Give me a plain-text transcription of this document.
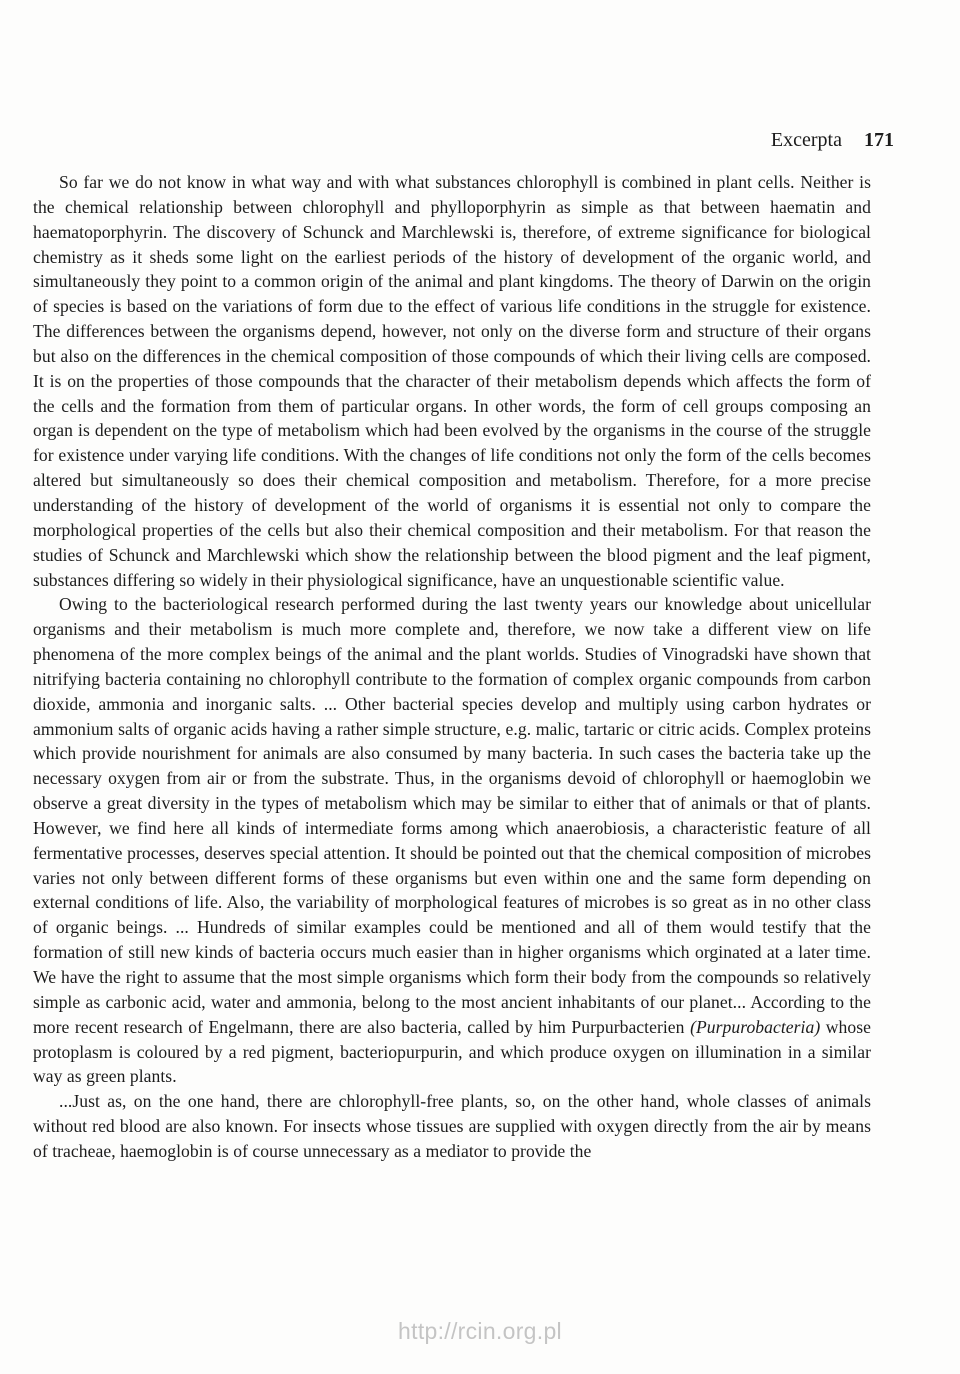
Excerpta 171

So far we do not know in what way and with what substances chlorophyll is combined in plant cells. Neither is the chemical relationship between chlorophyll and phylloporphyrin as simple as that between haematin and haematoporphyrin. The discovery of Schunck and Marchlewski is, therefore, of extreme significance for biological chemistry as it sheds some light on the earliest periods of the history of development of the organic world, and simultaneously they point to a common origin of the animal and plant kingdoms. The theory of Darwin on the origin of species is based on the variations of form due to the effect of various life conditions in the struggle for existence. The differences between the organisms depend, however, not only on the diverse form and structure of their organs but also on the differences in the chemical composition of those compounds of which their living cells are composed. It is on the properties of those compounds that the character of their metabolism depends which affects the form of the cells and the formation from them of particular organs. In other words, the form of cell groups composing an organ is dependent on the type of metabolism which had been evolved by the organisms in the course of the struggle for existence under varying life conditions. With the changes of life conditions not only the form of the cells becomes altered but simultaneously so does their chemical composition and metabolism. Therefore, for a more precise understanding of the history of development of the world of organisms it is essential not only to compare the morphological properties of the cells but also their chemical composition and their metabolism. For that reason the studies of Schunck and Marchlewski which show the relationship between the blood pigment and the leaf pigment, substances differing so widely in their physiological significance, have an unquestionable scientific value.

Owing to the bacteriological research performed during the last twenty years our knowledge about unicellular organisms and their metabolism is much more complete and, therefore, we now take a different view on life phenomena of the more complex beings of the animal and the plant worlds. Studies of Vinogradski have shown that nitrifying bacteria containing no chlorophyll contribute to the formation of complex organic compounds from carbon dioxide, ammonia and inorganic salts. ... Other bacterial species develop and multiply using carbon hydrates or ammonium salts of organic acids having a rather simple structure, e.g. malic, tartaric or citric acids. Complex proteins which provide nourishment for animals are also consumed by many bacteria. In such cases the bacteria take up the necessary oxygen from air or from the substrate. Thus, in the organisms devoid of chlorophyll or haemoglobin we observe a great diversity in the types of metabolism which may be similar to either that of animals or that of plants. However, we find here all kinds of intermediate forms among which anaerobiosis, a characteristic feature of all fermentative processes, deserves special attention. It should be pointed out that the chemical composition of microbes varies not only between different forms of these organisms but even within one and the same form depending on external conditions of life. Also, the variability of morphological features of microbes is so great as in no other class of organic beings. ... Hundreds of similar examples could be mentioned and all of them would testify that the formation of still new kinds of bacteria occurs much easier than in higher organisms which orginated at a later time. We have the right to assume that the most simple organisms which form their body from the compounds so relatively simple as carbonic acid, water and ammonia, belong to the most ancient inhabitants of our planet... According to the more recent research of Engelmann, there are also bacteria, called by him Purpurbacterien (Purpurobacteria) whose protoplasm is coloured by a red pigment, bacteriopurpurin, and which produce oxygen on illumination in a similar way as green plants.

...Just as, on the one hand, there are chlorophyll-free plants, so, on the other hand, whole classes of animals without red blood are also known. For insects whose tissues are supplied with oxygen directly from the air by means of tracheae, haemoglobin is of course unnecessary as a mediator to provide the

http://rcin.org.pl
